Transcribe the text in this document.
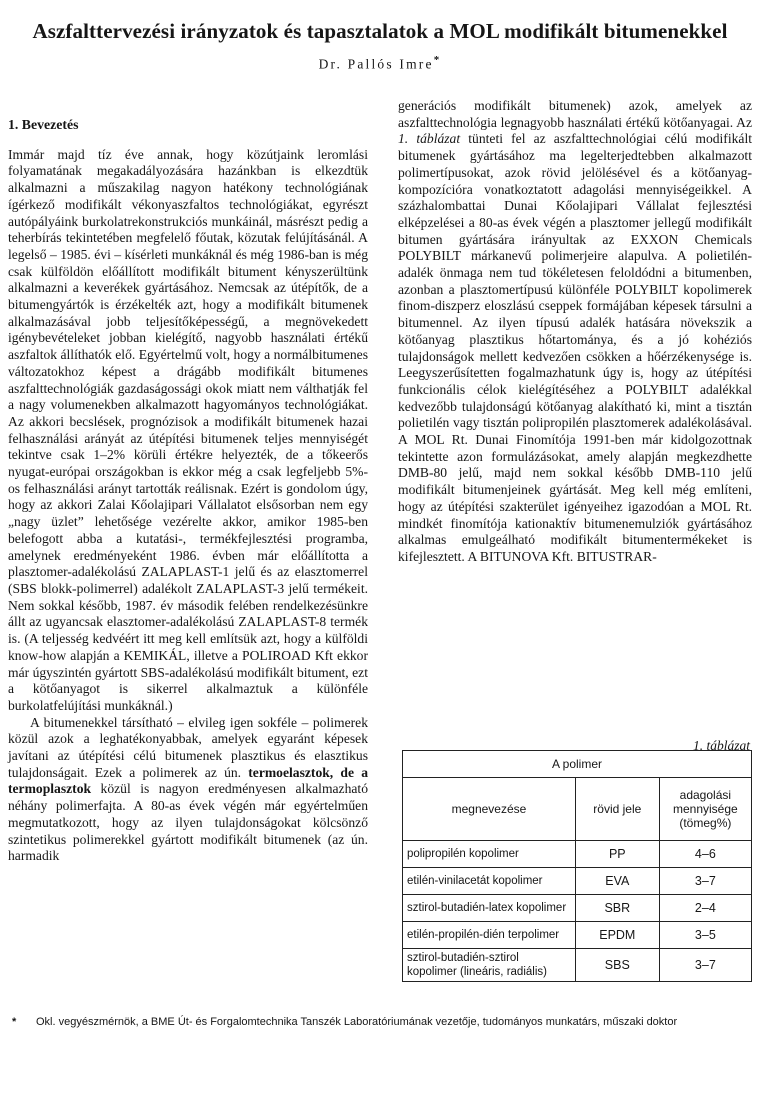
Aszfalttervezési irányzatok és tapasztalatok a MOL modifikált bitumenekkel
Dr. Pallós Imre*
1. Bevezetés

Immár majd tíz éve annak, hogy közútjaink leromlási folyamatának megakadályozására hazánkban is elkezdtük alkalmazni a műszakilag nagyon hatékony technológiának ígérkező modifikált vékonyaszfaltos technológiákat, egyrészt autópályáink burkolatrekonstrukciós munkáinál, másrészt pedig a teherbírás tekintetében megfelelő főutak, közutak felújításánál. A legelső – 1985. évi – kísérleti munkáknál és még 1986-ban is még csak külföldön előállított modifikált bitument kényszerültünk alkalmazni a keverékek gyártásához. Nemcsak az útépítők, de a bitumengyártók is érzékelték azt, hogy a modifikált bitumenek alkalmazásával jobb teljesítőképességű, a megnövekedett igénybevételeket jobban kielégítő, nagyobb használati értékű aszfaltok állíthatók elő. Egyértelmű volt, hogy a normálbitumenes változatokhoz képest a drágább modifikált bitumenes aszfalttechnológiák gazdaságossági okok miatt nem válthatják fel a nagy volumenekben alkalmazott hagyományos technológiákat. Az akkori becslések, prognózisok a modifikált bitumenek hazai felhasználási arányát az útépítési bitumenek teljes mennyiségét tekintve csak 1–2% körüli értékre helyezték, de a tőkeerős nyugat-európai országokban is ekkor még a csak legfeljebb 5%-os felhasználási arányt tartották reálisnak. Ezért is gondolom úgy, hogy az akkori Zalai Kőolajipari Vállalatot elsősorban nem egy „nagy üzlet” lehetősége vezérelte akkor, amikor 1985-ben belefogott abba a kutatási-, termékfejlesztési programba, amelynek eredményeként 1986. évben már előállította a plasztomer-adalékolású ZALAPLAST-1 jelű és az elasztomerrel (SBS blokk-polimerrel) adalékolt ZALAPLAST-3 jelű termékeit. Nem sokkal később, 1987. év második felében rendelkezésünkre állt az ugyancsak elasztomer-adalékolású ZALAPLAST-8 termék is. (A teljesség kedvéért itt meg kell említsük azt, hogy a külföldi know-how alapján a KEMIKÁL, illetve a POLIROAD Kft ekkor már úgyszintén gyártott SBS-adalékolású modifikált bitument, ezt a kötőanyagot is sikerrel alkalmaztuk a különféle burkolatfelújítási munkáknál.)

A bitumenekkel társítható – elvileg igen sokféle – polimerek közül azok a leghatékonyabbak, amelyek egyaránt képesek javítani az útépítési célú bitumenek plasztikus és elasztikus tulajdonságait. Ezek a polimerek az ún. termoelasztok, de a termoplasztok közül is nagyon eredményesen alkalmazható néhány polimerfajta. A 80-as évek végén már egyértelműen megmutatkozott, hogy az ilyen tulajdonságokat kölcsönző szintetikus polimerekkel gyártott modifikált bitumenek (az ún. harmadik

generációs modifikált bitumenek) azok, amelyek az aszfalttechnológia legnagyobb használati értékű kötőanyagai. Az 1. táblázat tünteti fel az aszfalttechnológiai célú modifikált bitumenek gyártásához ma legelterjedtebben alkalmazott polimertípusokat, azok rövid jelölésével és a kötőanyag-kompozícióra vonatkoztatott adagolási mennyiségeikkel. A százhalombattai Dunai Kőolajipari Vállalat fejlesztési elképzelései a 80-as évek végén a plasztomer jellegű modifikált bitumen gyártására irányultak az EXXON Chemicals POLYBILT márkanevű polimerjeire alapulva. A polietilén-adalék önmaga nem tud tökéletesen feloldódni a bitumenben, azonban a plasztomertípusú különféle POLYBILT kopolimerek finom-diszperz eloszlású cseppek formájában képesek társulni a bitumennel. Az ilyen típusú adalék hatására növekszik a kötőanyag plasztikus hőtartománya, és a jó kohéziós tulajdonságok mellett kedvezően csökken a hőérzékenysége is. Leegyszerűsítetten fogalmazhatunk úgy is, hogy az útépítési funkcionális célok kielégítéséhez a POLYBILT adalékkal kedvezőbb tulajdonságú kötőanyag alakítható ki, mint a tisztán polietilén vagy tisztán polipropilén plasztomerek adalékolásával. A MOL Rt. Dunai Finomítója 1991-ben már kidolgozottnak tekintette azon formulázásokat, amely alapján megkezdhette DMB-80 jelű, majd nem sokkal később DMB-110 jelű modifikált bitumenjeinek gyártását. Meg kell még említeni, hogy az útépítési szakterület igényeihez igazodóan a MOL Rt. mindkét finomítója kationaktív bitumenemulziók gyártásához alkalmas emulgeálható modifikált bitumentermékeket is kifejlesztett. A BITUNOVA Kft. BITUSTRAR-

1. táblázat
A polimer		
megnevezése	rövid jele	adagolási mennyisége (tömeg%)
polipropilén kopolimer	PP	4–6
etilén-vinilacetát kopolimer	EVA	3–7
sztirol-butadién-latex kopolimer	SBR	2–4
etilén-propilén-dién terpolimer	EPDM	3–5
sztirol-butadién-sztirol kopolimer (lineáris, radiális)	SBS	3–7
* Okl. vegyészmérnök, a BME Út- és Forgalomtechnika Tanszék Laboratóriumának vezetője, tudományos munkatárs, műszaki doktor
